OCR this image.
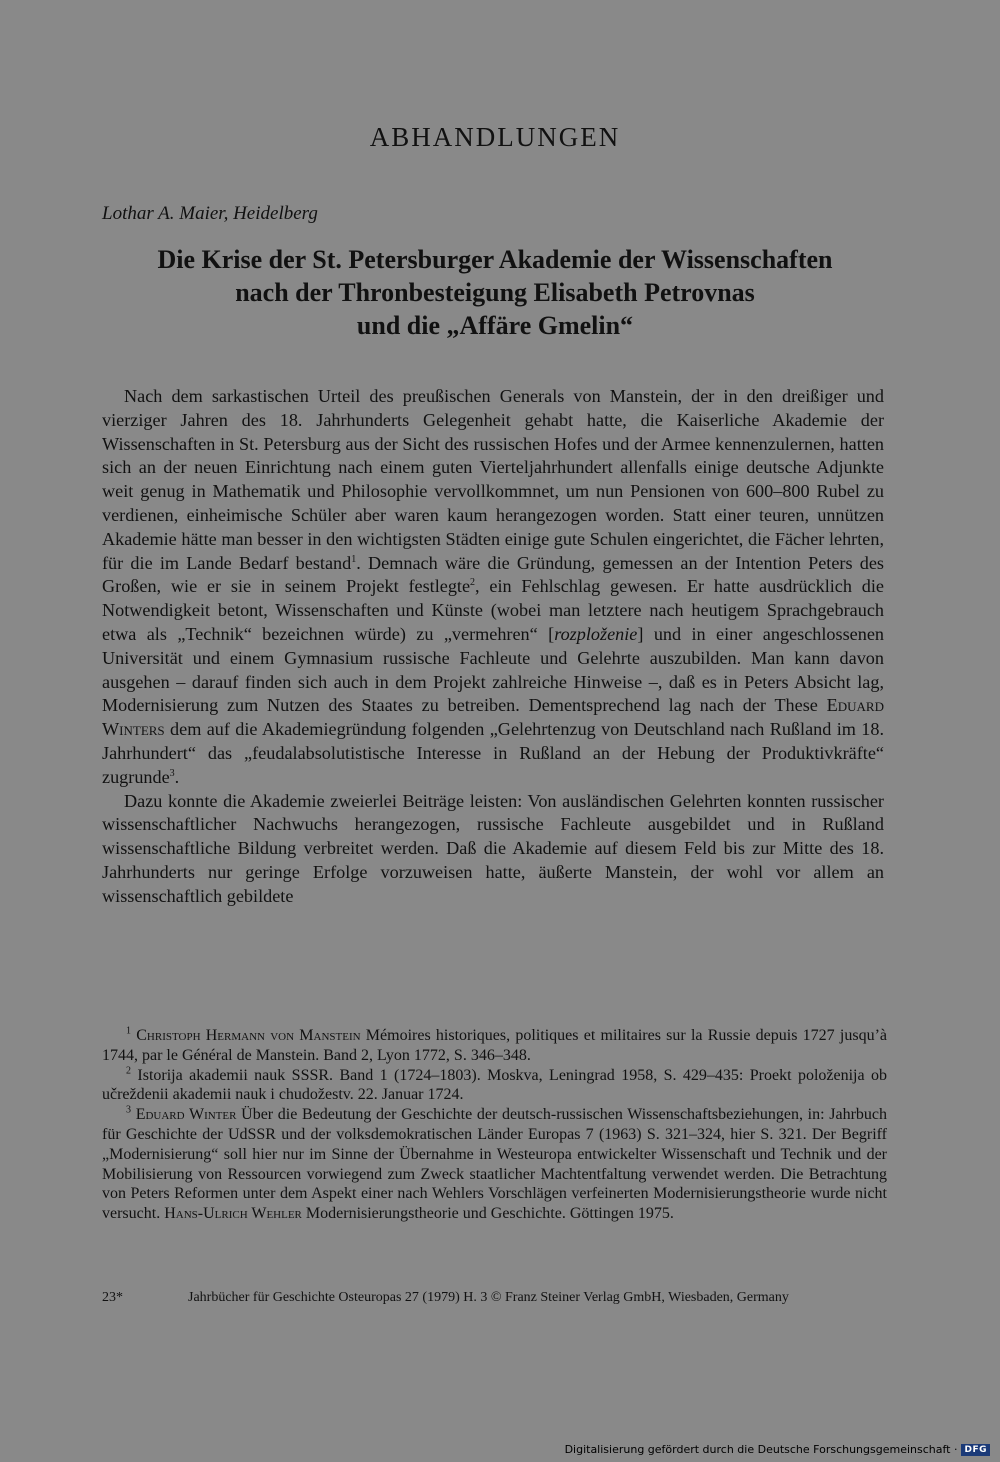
ABHANDLUNGEN
Lothar A. Maier, Heidelberg
Die Krise der St. Petersburger Akademie der Wissenschaften
nach der Thronbesteigung Elisabeth Petrovnas
und die „Affäre Gmelin“

Nach dem sarkastischen Urteil des preußischen Generals von Manstein, der in den dreißiger und vierziger Jahren des 18. Jahrhunderts Gelegenheit gehabt hatte, die Kaiserliche Akademie der Wissenschaften in St. Petersburg aus der Sicht des russischen Hofes und der Armee kennenzulernen, hatten sich an der neuen Einrichtung nach einem guten Vierteljahrhundert allenfalls einige deutsche Adjunkte weit genug in Mathematik und Philosophie vervollkommnet, um nun Pensionen von 600–800 Rubel zu verdienen, einheimische Schüler aber waren kaum herangezogen worden. Statt einer teuren, unnützen Akademie hätte man besser in den wichtigsten Städten einige gute Schulen eingerichtet, die Fächer lehrten, für die im Lande Bedarf bestand$^1$. Demnach wäre die Gründung, gemessen an der Intention Peters des Großen, wie er sie in seinem Projekt festlegte$^2$, ein Fehlschlag gewesen. Er hatte ausdrücklich die Notwendigkeit betont, Wissenschaften und Künste (wobei man letztere nach heutigem Sprachgebrauch etwa als „Technik“ bezeichnen würde) zu „vermehren“ [rozploženie] und in einer angeschlossenen Universität und einem Gymnasium russische Fachleute und Gelehrte auszubilden. Man kann davon ausgehen – darauf finden sich auch in dem Projekt zahlreiche Hinweise –, daß es in Peters Absicht lag, Modernisierung zum Nutzen des Staates zu betreiben. Dementsprechend lag nach der These Eduard Winters dem auf die Akademiegründung folgenden „Gelehrtenzug von Deutschland nach Rußland im 18. Jahrhundert“ das „feudalabsolutistische Interesse in Rußland an der Hebung der Produktivkräfte“ zugrunde$^3$.

Dazu konnte die Akademie zweierlei Beiträge leisten: Von ausländischen Gelehrten konnten russischer wissenschaftlicher Nachwuchs herangezogen, russische Fachleute ausgebildet und in Rußland wissenschaftliche Bildung verbreitet werden. Daß die Akademie auf diesem Feld bis zur Mitte des 18. Jahrhunderts nur geringe Erfolge vorzuweisen hatte, äußerte Manstein, der wohl vor allem an wissenschaftlich gebildete

$^1$ Christoph Hermann von Manstein Mémoires historiques, politiques et militaires sur la Russie depuis 1727 jusqu’à 1744, par le Général de Manstein. Band 2, Lyon 1772, S. 346–348.

$^2$ Istorija akademii nauk SSSR. Band 1 (1724–1803). Moskva, Leningrad 1958, S. 429–435: Proekt položenija ob učreždenii akademii nauk i chudožestv. 22. Januar 1724.

$^3$ Eduard Winter Über die Bedeutung der Geschichte der deutsch-russischen Wissenschaftsbeziehungen, in: Jahrbuch für Geschichte der UdSSR und der volksdemokratischen Länder Europas 7 (1963) S. 321–324, hier S. 321. Der Begriff „Modernisierung“ soll hier nur im Sinne der Übernahme in Westeuropa entwickelter Wissenschaft und Technik und der Mobilisierung von Ressourcen vorwiegend zum Zweck staatlicher Machtentfaltung verwendet werden. Die Betrachtung von Peters Reformen unter dem Aspekt einer nach Wehlers Vorschlägen verfeinerten Modernisierungstheorie wurde nicht versucht. Hans-Ulrich Wehler Modernisierungstheorie und Geschichte. Göttingen 1975.

23*	Jahrbücher für Geschichte Osteuropas 27 (1979) H. 3 © Franz Steiner Verlag GmbH, Wiesbaden, Germany
Digitalisierung gefördert durch die Deutsche Forschungsgemeinschaft · DFG
